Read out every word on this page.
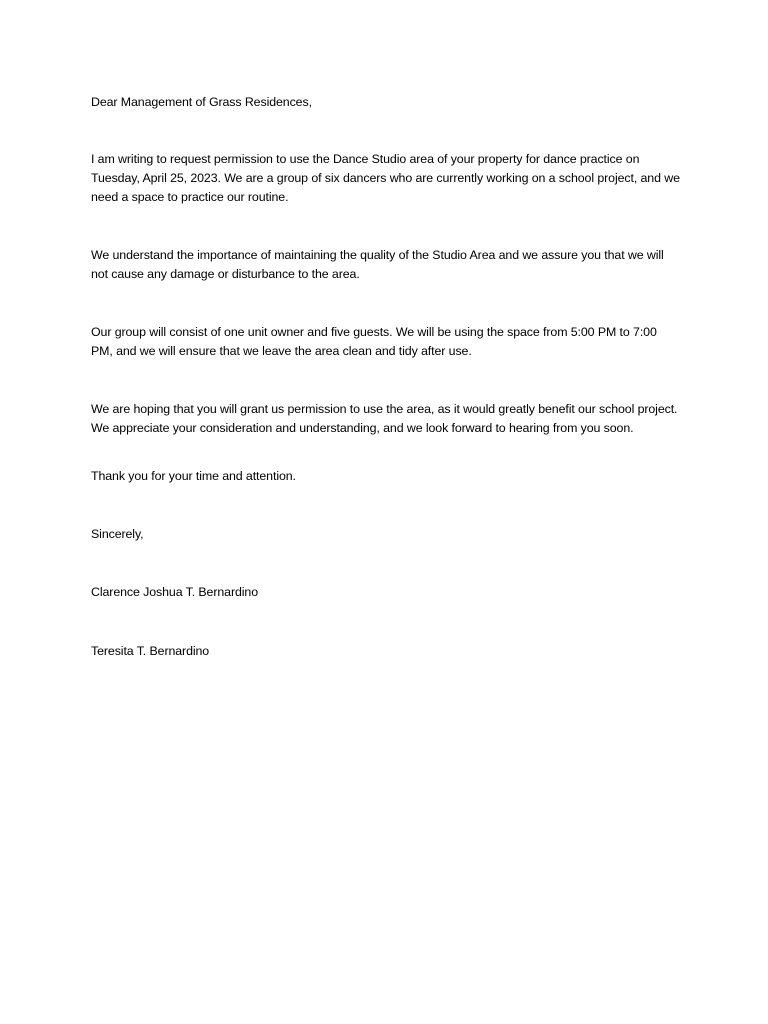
Dear Management of Grass Residences,

I am writing to request permission to use the Dance Studio area of your property for dance practice on Tuesday, April 25, 2023. We are a group of six dancers who are currently working on a school project, and we need a space to practice our routine.

We understand the importance of maintaining the quality of the Studio Area and we assure you that we will not cause any damage or disturbance to the area.

Our group will consist of one unit owner and five guests. We will be using the space from 5:00 PM to 7:00 PM, and we will ensure that we leave the area clean and tidy after use.

We are hoping that you will grant us permission to use the area, as it would greatly benefit our school project. We appreciate your consideration and understanding, and we look forward to hearing from you soon.

Thank you for your time and attention.

Sincerely,

Clarence Joshua T. Bernardino

Teresita T. Bernardino
